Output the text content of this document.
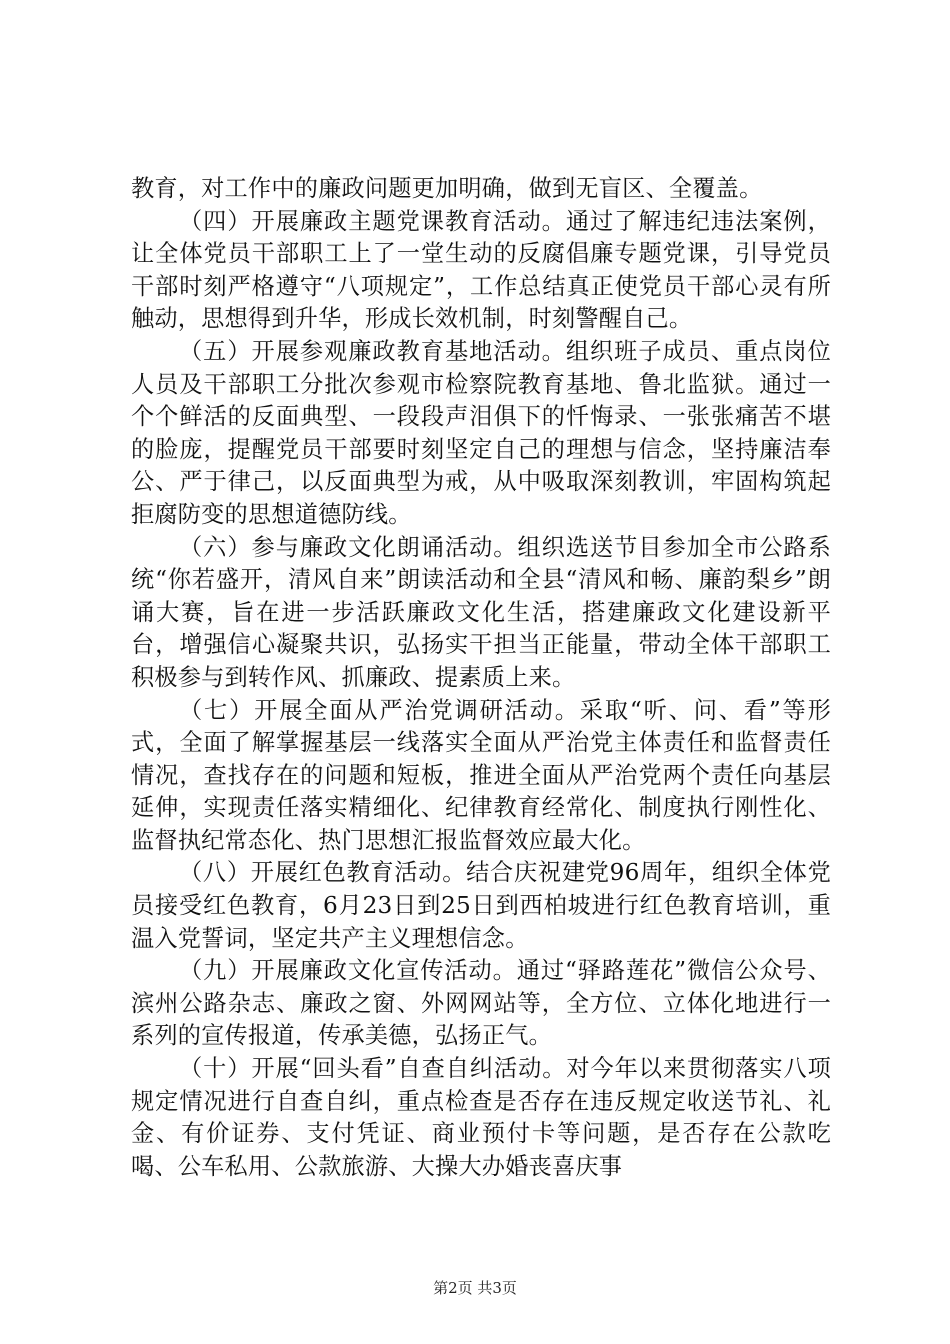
教育，对工作中的廉政问题更加明确，做到无盲区、全覆盖。

（四）开展廉政主题党课教育活动。通过了解违纪违法案例，让全体党员干部职工上了一堂生动的反腐倡廉专题党课，引导党员干部时刻严格遵守“八项规定”，工作总结真正使党员干部心灵有所触动，思想得到升华，形成长效机制，时刻警醒自己。

（五）开展参观廉政教育基地活动。组织班子成员、重点岗位人员及干部职工分批次参观市检察院教育基地、鲁北监狱。通过一个个鲜活的反面典型、一段段声泪俱下的忏悔录、一张张痛苦不堪的脸庞，提醒党员干部要时刻坚定自己的理想与信念，坚持廉洁奉公、严于律己，以反面典型为戒，从中吸取深刻教训，牢固构筑起拒腐防变的思想道德防线。

（六）参与廉政文化朗诵活动。组织选送节目参加全市公路系统“你若盛开，清风自来”朗读活动和全县“清风和畅、廉韵梨乡”朗诵大赛，旨在进一步活跃廉政文化生活，搭建廉政文化建设新平台，增强信心凝聚共识，弘扬实干担当正能量，带动全体干部职工积极参与到转作风、抓廉政、提素质上来。

（七）开展全面从严治党调研活动。采取“听、问、看”等形式，全面了解掌握基层一线落实全面从严治党主体责任和监督责任情况，查找存在的问题和短板，推进全面从严治党两个责任向基层延伸，实现责任落实精细化、纪律教育经常化、制度执行刚性化、监督执纪常态化、热门思想汇报监督效应最大化。

（八）开展红色教育活动。结合庆祝建党96周年，组织全体党员接受红色教育，6月23日到25日到西柏坡进行红色教育培训，重温入党誓词，坚定共产主义理想信念。

（九）开展廉政文化宣传活动。通过“驿路莲花”微信公众号、滨州公路杂志、廉政之窗、外网网站等，全方位、立体化地进行一系列的宣传报道，传承美德，弘扬正气。

（十）开展“回头看”自查自纠活动。对今年以来贯彻落实八项规定情况进行自查自纠，重点检查是否存在违反规定收送节礼、礼金、有价证券、支付凭证、商业预付卡等问题，是否存在公款吃喝、公车私用、公款旅游、大操大办婚丧喜庆事

第2页 共3页
